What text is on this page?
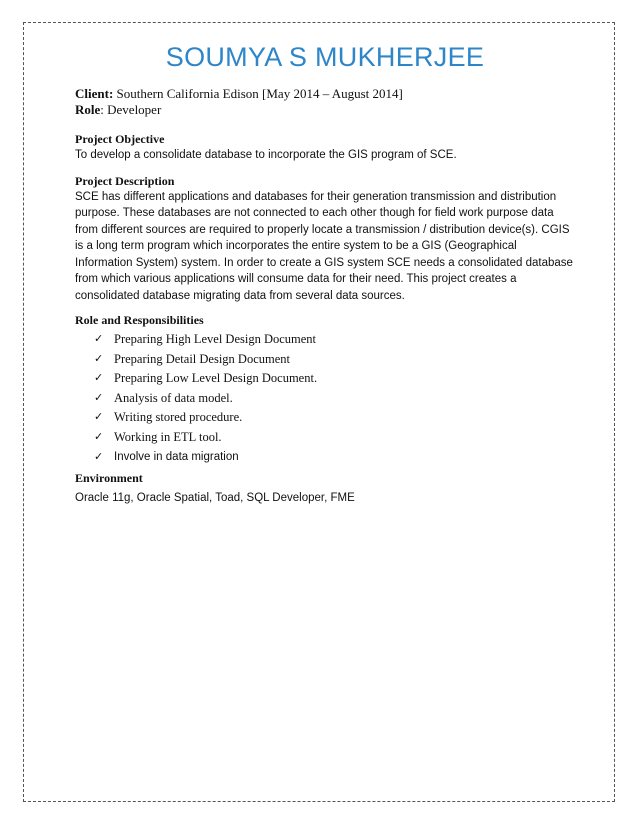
SOUMYA S MUKHERJEE

Client: Southern California Edison [May 2014 – August 2014]

Role: Developer

Project Objective

To develop a consolidate database to incorporate the GIS program of SCE.

Project Description

SCE has different applications and databases for their generation transmission and distribution purpose. These databases are not connected to each other though for field work purpose data from different sources are required to properly locate a transmission / distribution device(s). CGIS is a long term program which incorporates the entire system to be a GIS (Geographical Information System) system. In order to create a GIS system SCE needs a consolidated database from which various applications will consume data for their need. This project creates a consolidated database migrating data from several data sources.

Role and Responsibilities

✓ Preparing High Level Design Document
✓ Preparing Detail Design Document
✓ Preparing Low Level Design Document.
✓ Analysis of data model.
✓ Writing stored procedure.
✓ Working in ETL tool.
✓ Involve in data migration

Environment

Oracle 11g, Oracle Spatial, Toad, SQL Developer, FME
